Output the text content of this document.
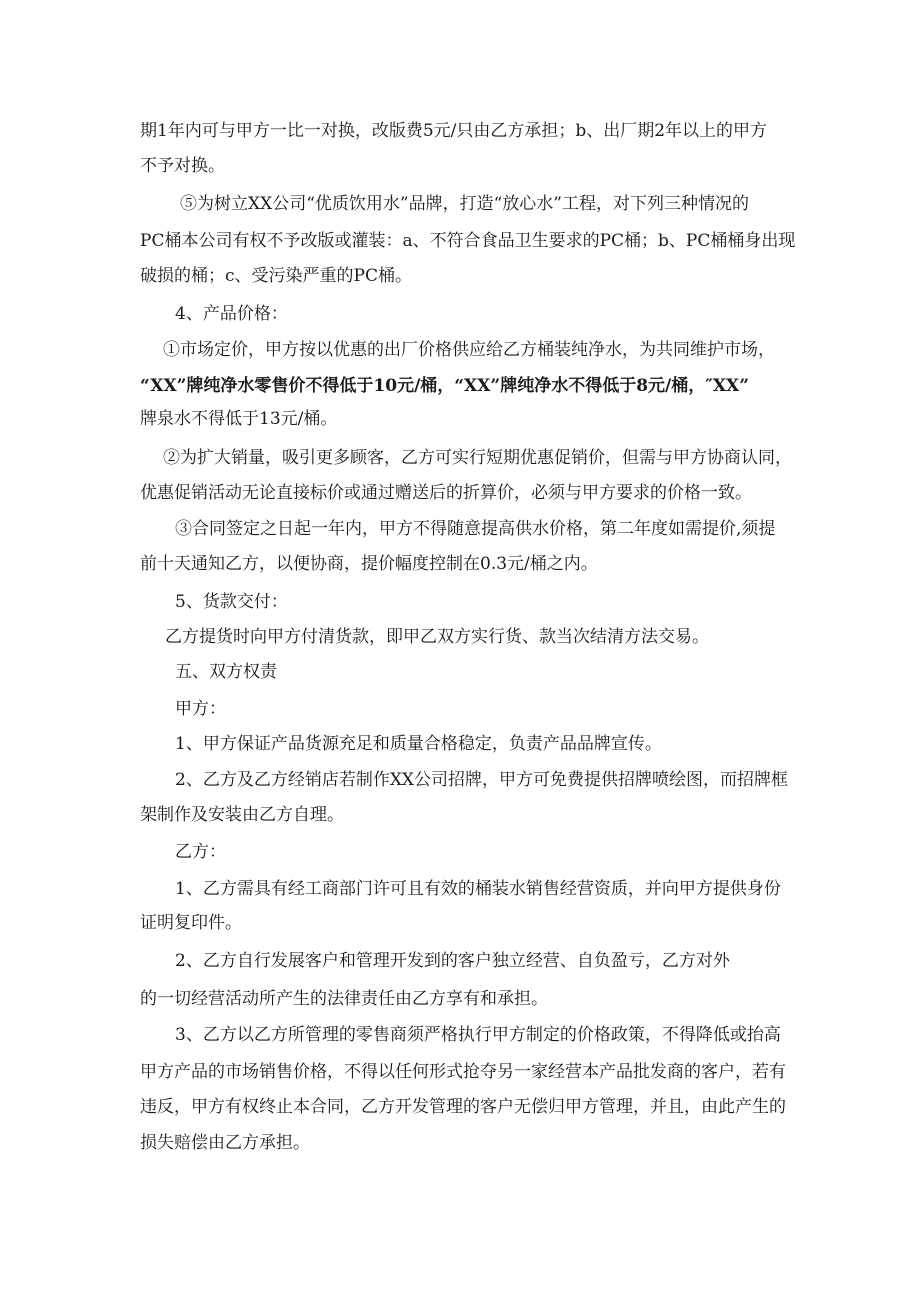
期1年内可与甲方一比一对换，改版费5元/只由乙方承担；b、出厂期2年以上的甲方
不予对换。
⑤为树立XX公司“优质饮用水”品牌，打造“放心水”工程，对下列三种情况的
PC桶本公司有权不予改版或灌装：a、不符合食品卫生要求的PC桶；b、PC桶桶身出现
破损的桶；c、受污染严重的PC桶。
4、产品价格：
①市场定价，甲方按以优惠的出厂价格供应给乙方桶装纯净水，为共同维护市场，
“XX”牌纯净水零售价不得低于10元/桶，“XX”牌纯净水不得低于8元/桶，″XX”
牌泉水不得低于13元/桶。
②为扩大销量，吸引更多顾客，乙方可实行短期优惠促销价，但需与甲方协商认同，
优惠促销活动无论直接标价或通过赠送后的折算价，必须与甲方要求的价格一致。
③合同签定之日起一年内，甲方不得随意提高供水价格，第二年度如需提价,须提
前十天通知乙方，以便协商，提价幅度控制在0.3元/桶之内。
5、货款交付：
乙方提货时向甲方付清货款，即甲乙双方实行货、款当次结清方法交易。
五、双方权责
甲方：
1、甲方保证产品货源充足和质量合格稳定，负责产品品牌宣传。
2、乙方及乙方经销店若制作XX公司招牌，甲方可免费提供招牌喷绘图，而招牌框
架制作及安装由乙方自理。
乙方：
1、乙方需具有经工商部门许可且有效的桶装水销售经营资质，并向甲方提供身份
证明复印件。
2、乙方自行发展客户和管理开发到的客户独立经营、自负盈亏，乙方对外
的一切经营活动所产生的法律责任由乙方享有和承担。
3、乙方以乙方所管理的零售商须严格执行甲方制定的价格政策，不得降低或抬高
甲方产品的市场销售价格，不得以任何形式抢夺另一家经营本产品批发商的客户，若有
违反，甲方有权终止本合同，乙方开发管理的客户无偿归甲方管理，并且，由此产生的
损失赔偿由乙方承担。
